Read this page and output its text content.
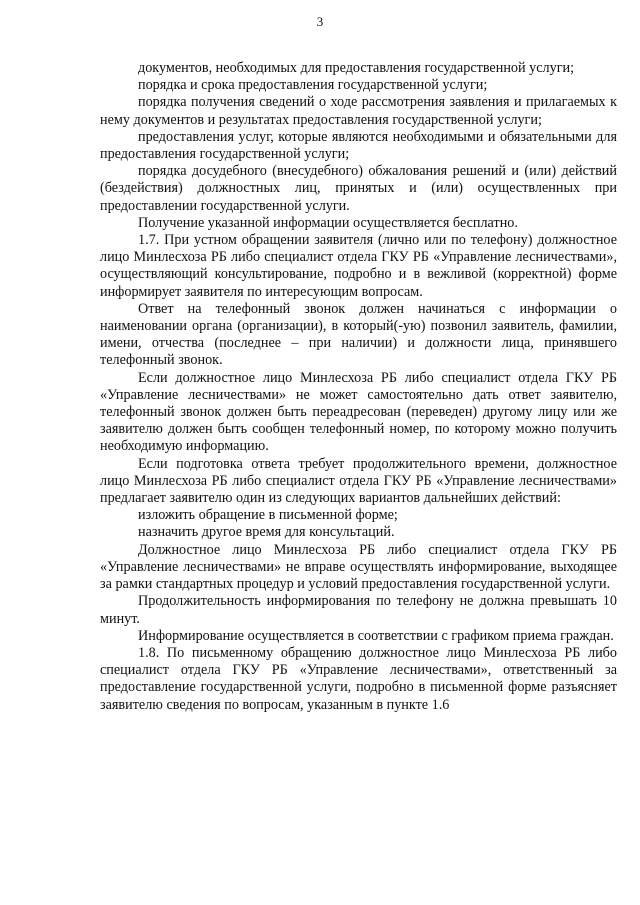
3

документов, необходимых для предоставления государственной услуги;

порядка и срока предоставления государственной услуги;

порядка получения сведений о ходе рассмотрения заявления и прилагаемых к нему документов и результатах предоставления государственной услуги;

предоставления услуг, которые являются необходимыми и обязательными для предоставления государственной услуги;

порядка досудебного (внесудебного) обжалования решений и (или) действий (бездействия) должностных лиц, принятых и (или) осуществленных при предоставлении государственной услуги.

Получение указанной информации осуществляется бесплатно.

1.7. При устном обращении заявителя (лично или по телефону) должностное лицо Минлесхоза РБ либо специалист отдела ГКУ РБ «Управление лесничествами», осуществляющий консультирование, подробно и в вежливой (корректной) форме информирует заявителя по интересующим вопросам.

Ответ на телефонный звонок должен начинаться с информации о наименовании органа (организации), в который(-ую) позвонил заявитель, фамилии, имени, отчества (последнее – при наличии) и должности лица, принявшего телефонный звонок.

Если должностное лицо Минлесхоза РБ либо специалист отдела ГКУ РБ «Управление лесничествами» не может самостоятельно дать ответ заявителю, телефонный звонок должен быть переадресован (переведен) другому лицу или же заявителю должен быть сообщен телефонный номер, по которому можно получить необходимую информацию.

Если подготовка ответа требует продолжительного времени, должностное лицо Минлесхоза РБ либо специалист отдела ГКУ РБ «Управление лесничествами» предлагает заявителю один из следующих вариантов дальнейших действий:

изложить обращение в письменной форме;

назначить другое время для консультаций.

Должностное лицо Минлесхоза РБ либо специалист отдела ГКУ РБ «Управление лесничествами» не вправе осуществлять информирование, выходящее за рамки стандартных процедур и условий предоставления государственной услуги.

Продолжительность информирования по телефону не должна превышать 10 минут.

Информирование осуществляется в соответствии с графиком приема граждан.

1.8. По письменному обращению должностное лицо Минлесхоза РБ либо специалист отдела ГКУ РБ «Управление лесничествами», ответственный за предоставление государственной услуги, подробно в письменной форме разъясняет заявителю сведения по вопросам, указанным в пункте 1.6
